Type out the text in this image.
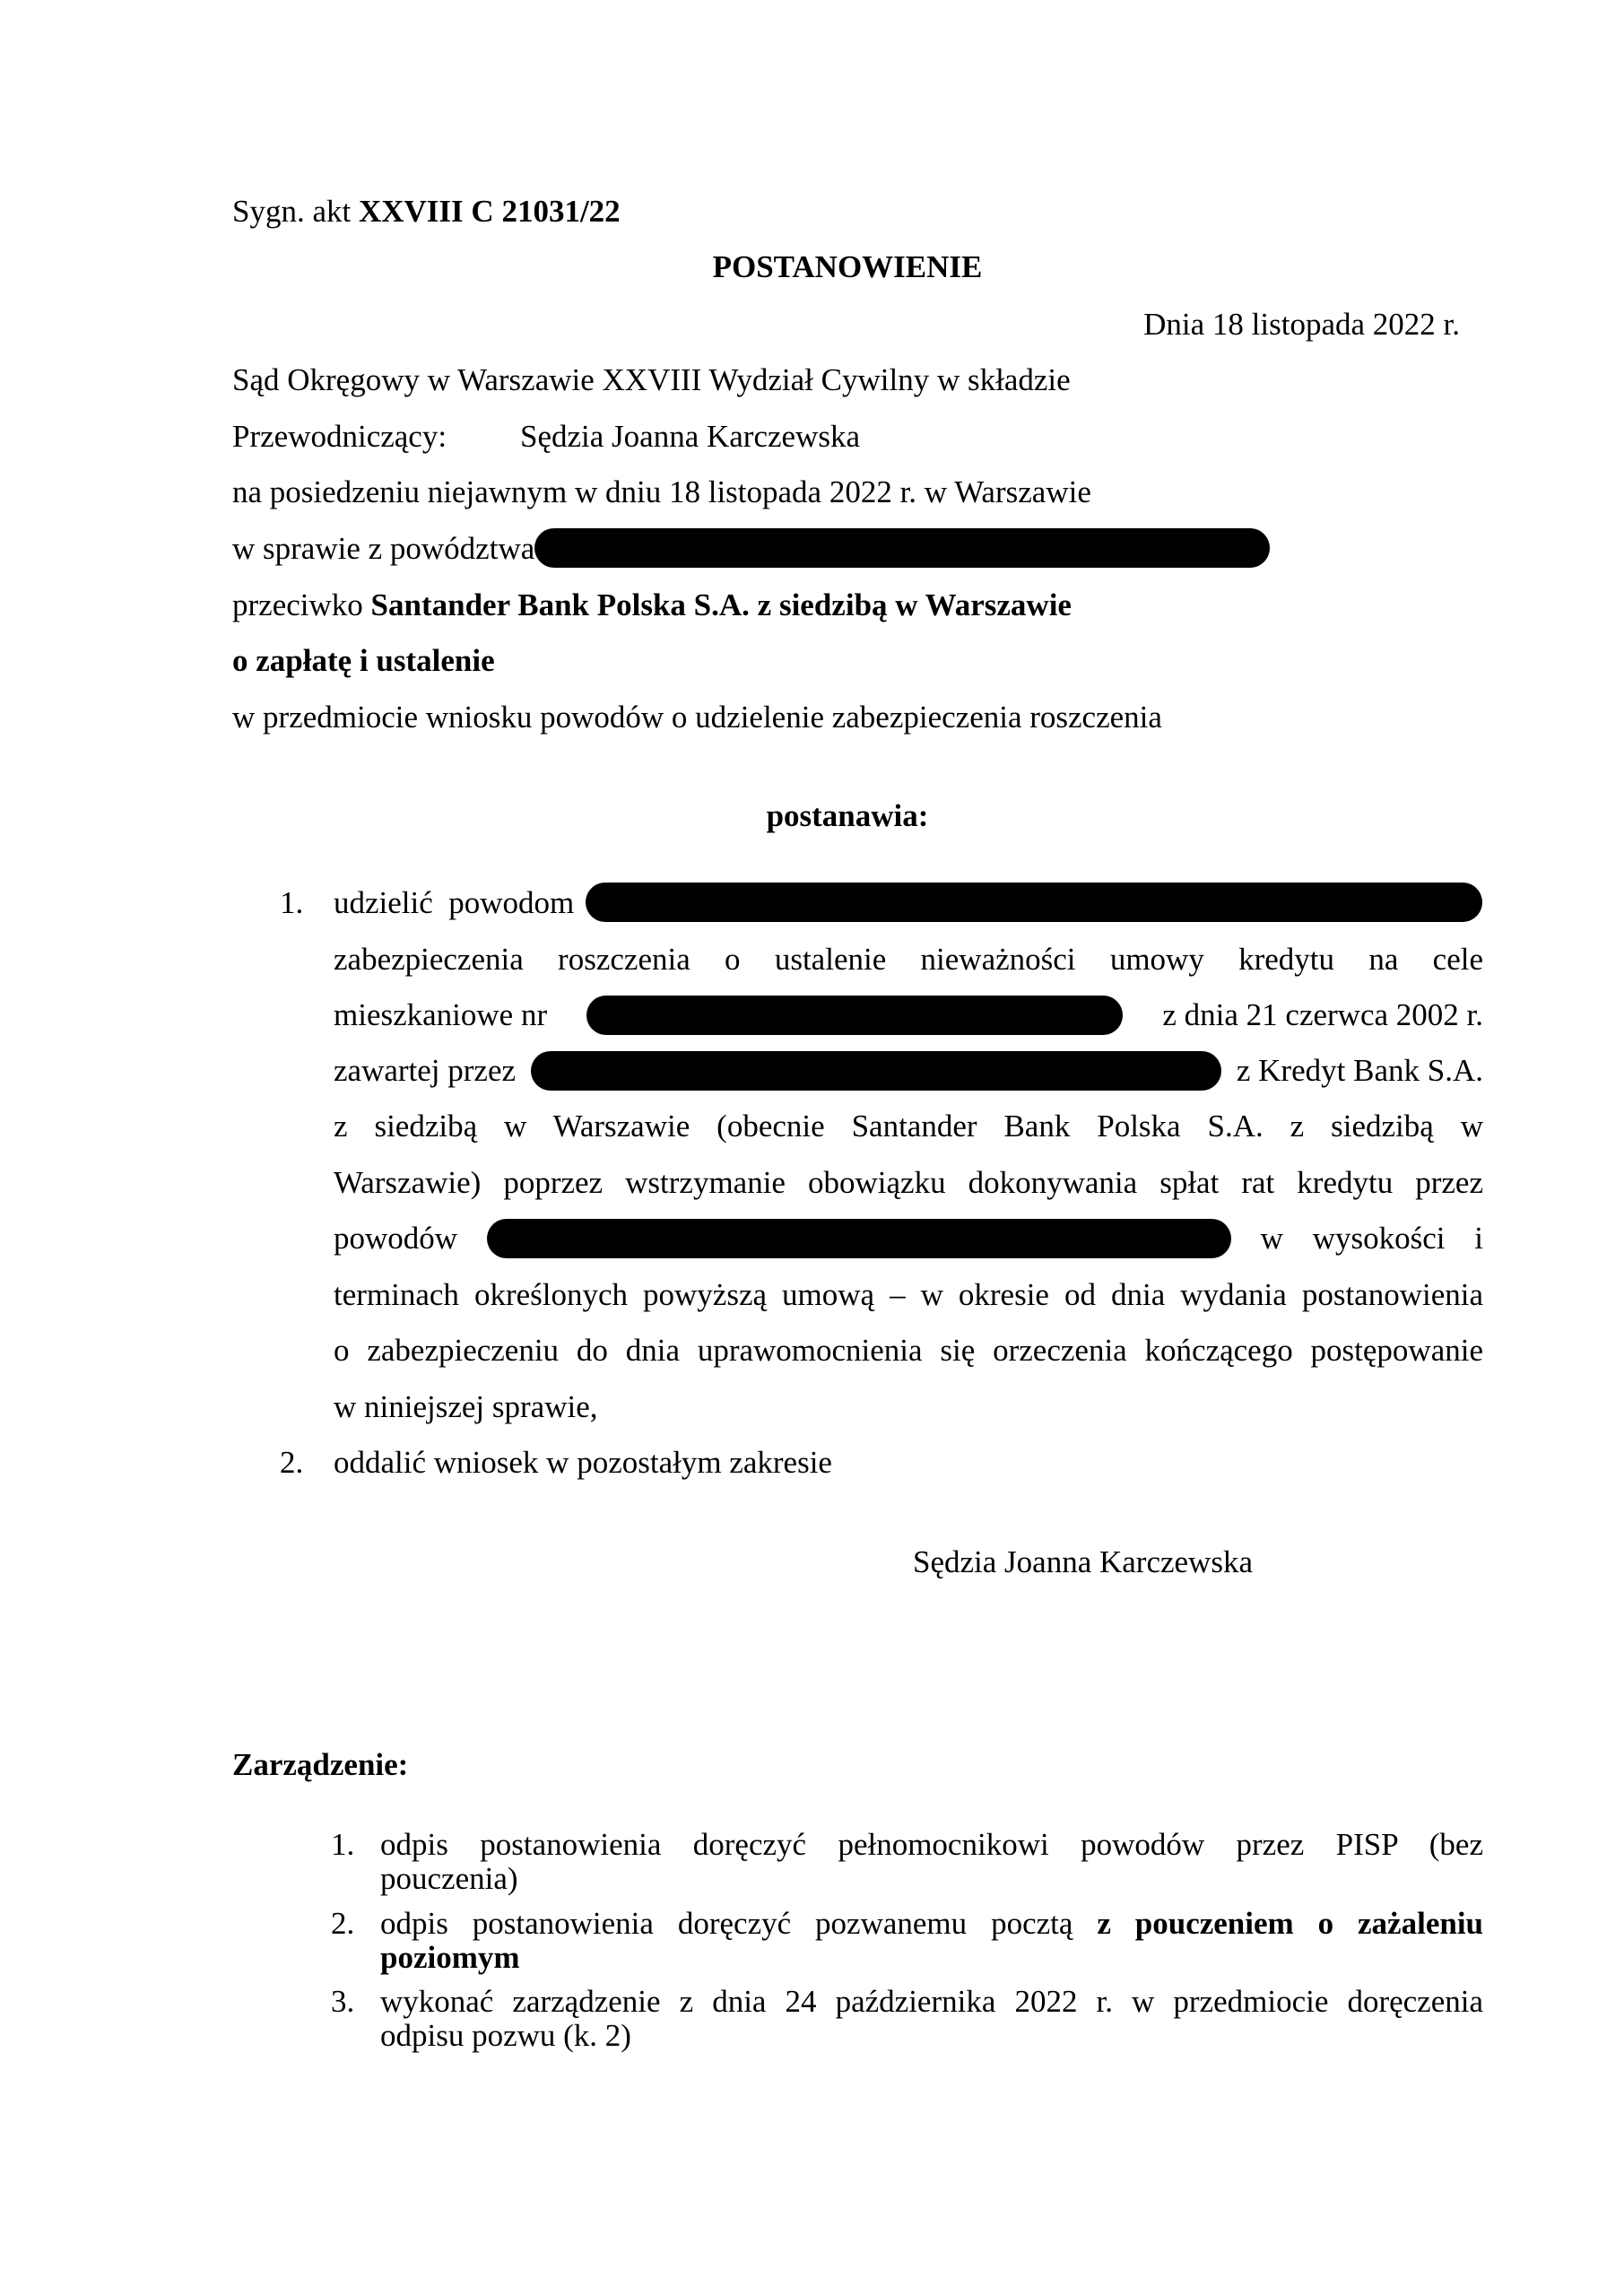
Sygn. akt XXVIII C 21031/22
POSTANOWIENIE
Dnia 18 listopada 2022 r.
Sąd Okręgowy w Warszawie XXVIII Wydział Cywilny w składzie
Przewodniczący: Sędzia Joanna Karczewska
na posiedzeniu niejawnym w dniu 18 listopada 2022 r. w Warszawie
w sprawie z powództwa
przeciwko Santander Bank Polska S.A. z siedzibą w Warszawie
o zapłatę i ustalenie
w przedmiocie wniosku powodów o udzielenie zabezpieczenia roszczenia
postanawia:
1. udzielić powodom
zabezpieczenia roszczenia o ustalenie nieważności umowy kredytu na cele
mieszkaniowe nr	z dnia 21 czerwca 2002 r.
zawartej przez	z Kredyt Bank S.A.
z siedzibą w Warszawie (obecnie Santander Bank Polska S.A. z siedzibą w
Warszawie) poprzez wstrzymanie obowiązku dokonywania spłat rat kredytu przez
powodów	w wysokości i
terminach określonych powyższą umową – w okresie od dnia wydania postanowienia
o zabezpieczeniu do dnia uprawomocnienia się orzeczenia kończącego postępowanie
w niniejszej sprawie,
2. oddalić wniosek w pozostałym zakresie
Sędzia Joanna Karczewska
Zarządzenie:
1. odpis postanowienia doręczyć pełnomocnikowi powodów przez PISP (bez
pouczenia)
2. odpis postanowienia doręczyć pozwanemu pocztą z pouczeniem o zażaleniu
poziomym
3. wykonać zarządzenie z dnia 24 października 2022 r. w przedmiocie doręczenia
odpisu pozwu (k. 2)
